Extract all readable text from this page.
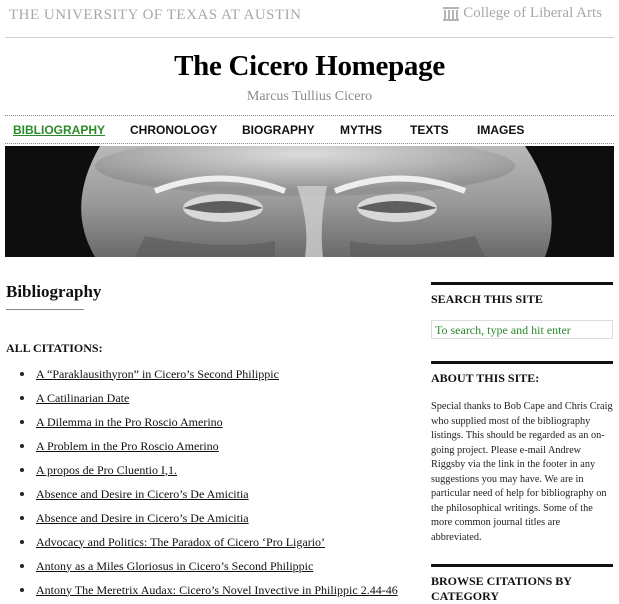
THE UNIVERSITY OF TEXAS AT AUSTIN	College of Liberal Arts
The Cicero Homepage
Marcus Tullius Cicero
BIBLIOGRAPHY CHRONOLOGY BIOGRAPHY MYTHS TEXTS IMAGES
Bibliography
ALL CITATIONS:
A “Paraklausithyron” in Cicero’s Second Philippic
A Catilinarian Date
A Dilemma in the Pro Roscio Amerino
A Problem in the Pro Roscio Amerino
A propos de Pro Cluentio I,1.
Absence and Desire in Cicero’s De Amicitia
Absence and Desire in Cicero’s De Amicitia
Advocacy and Politics: The Paradox of Cicero ‘Pro Ligario’
Antony as a Miles Gloriosus in Cicero’s Second Philippic
Antony The Meretrix Audax: Cicero’s Novel Invective in Philippic 2.44-46
SEARCH THIS SITE
To search, type and hit enter
ABOUT THIS SITE:
Special thanks to Bob Cape and Chris Craig who supplied most of the bibliography listings. This should be regarded as an on-going project. Please e-mail Andrew Riggsby via the link in the footer in any suggestions you may have. We are in particular need of help for bibliography on the philosophical writings. Some of the more common journal titles are abbreviated.
BROWSE CITATIONS BY CATEGORY
